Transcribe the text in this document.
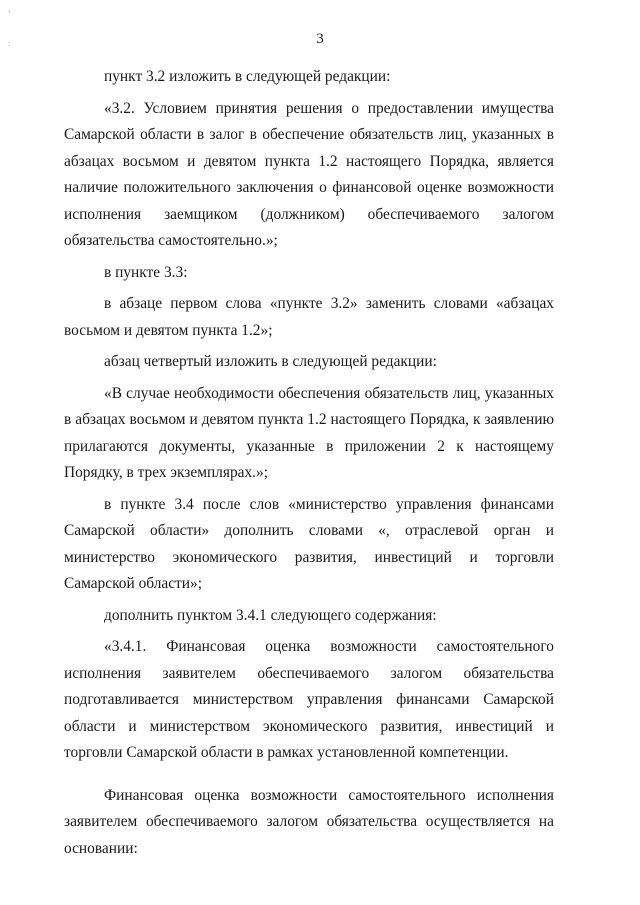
3
ʼ
:

пункт 3.2 изложить в следующей редакции:

«3.2. Условием принятия решения о предоставлении имущества Самарской области в залог в обеспечение обязательств лиц, указанных в абзацах восьмом и девятом пункта 1.2 настоящего Порядка, является наличие положительного заключения о финансовой оценке возможности исполнения заемщиком (должником) обеспечиваемого залогом обязательства самостоятельно.»;

в пункте 3.3:

в абзаце первом слова «пункте 3.2» заменить словами «абзацах восьмом и девятом пункта 1.2»;

абзац четвертый изложить в следующей редакции:

«В случае необходимости обеспечения обязательств лиц, указанных в абзацах восьмом и девятом пункта 1.2 настоящего Порядка, к заявлению прилагаются документы, указанные в приложении 2 к настоящему Порядку, в трех экземплярах.»;

в пункте 3.4 после слов «министерство управления финансами Самарской области» дополнить словами «, отраслевой орган и министерство экономического развития, инвестиций и торговли Самарской области»;

дополнить пунктом 3.4.1 следующего содержания:

«3.4.1. Финансовая оценка возможности самостоятельного исполнения заявителем обеспечиваемого залогом обязательства подготавливается министерством управления финансами Самарской области и министерством экономического развития, инвестиций и торговли Самарской области в рамках установленной компетенции.

Финансовая оценка возможности самостоятельного исполнения заявителем обеспечиваемого залогом обязательства осуществляется на основании:
